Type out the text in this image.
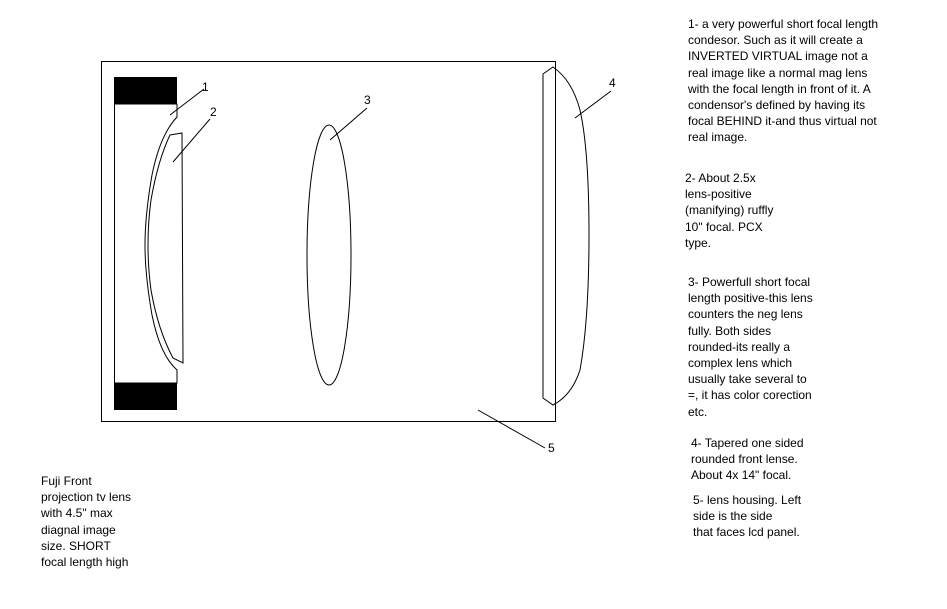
1
2
3
4
5

1- a very powerful short focal length
condesor. Such as it will create a
INVERTED VIRTUAL image not a
real image like a normal mag lens
with the focal length in front of it. A
condensor's defined by having its
focal BEHIND it-and thus virtual not
real image.

2- About 2.5x
lens-positive
(manifying) ruffly
10" focal. PCX
type.

3- Powerfull short focal
length positive-this lens
counters the neg lens
fully. Both sides
rounded-its really a
complex lens which
usually take several to
=, it has color corection
etc.

4- Tapered one sided
rounded front lense.
About 4x 14" focal.

5- lens housing. Left
side is the side
that faces lcd panel.

Fuji Front
projection tv lens
with 4.5" max
diagnal image
size. SHORT
focal length high
